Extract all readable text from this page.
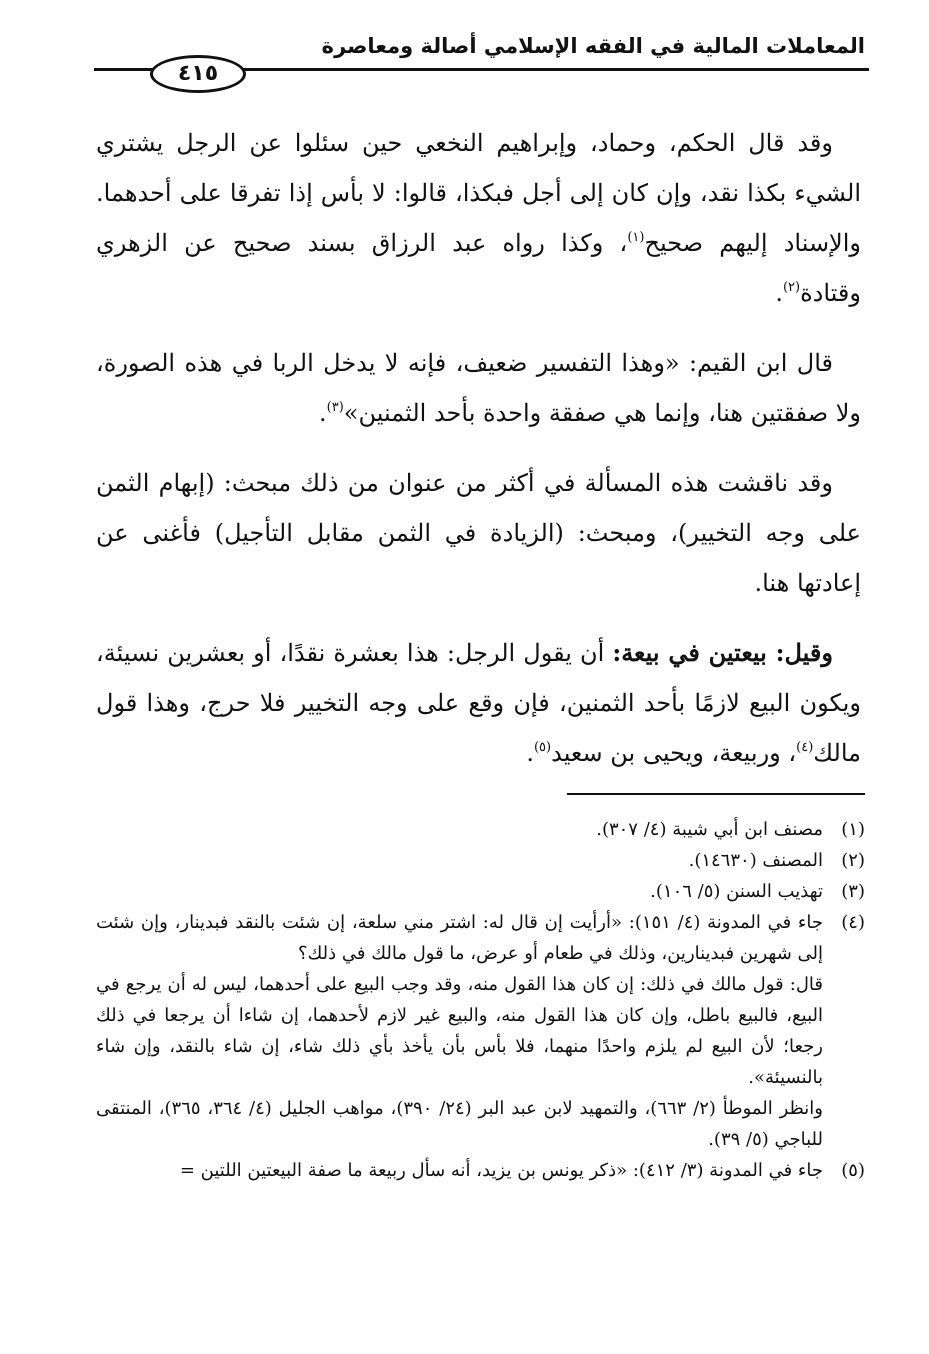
المعاملات المالية في الفقه الإسلامي أصالة ومعاصرة
٤١٥

وقد قال الحكم، وحماد، وإبراهيم النخعي حين سئلوا عن الرجل يشتري الشيء بكذا نقد، وإن كان إلى أجل فبكذا، قالوا: لا بأس إذا تفرقا على أحدهما. والإسناد إليهم صحيح$^{(١)}$، وكذا رواه عبد الرزاق بسند صحيح عن الزهري وقتادة$^{(٢)}$.

قال ابن القيم: «وهذا التفسير ضعيف، فإنه لا يدخل الربا في هذه الصورة، ولا صفقتين هنا، وإنما هي صفقة واحدة بأحد الثمنين»$^{(٣)}$.

وقد ناقشت هذه المسألة في أكثر من عنوان من ذلك مبحث: (إبهام الثمن على وجه التخيير)، ومبحث: (الزيادة في الثمن مقابل التأجيل) فأغنى عن إعادتها هنا.

وقيل: بيعتين في بيعة: أن يقول الرجل: هذا بعشرة نقدًا، أو بعشرين نسيئة، ويكون البيع لازمًا بأحد الثمنين، فإن وقع على وجه التخيير فلا حرج، وهذا قول مالك$^{(٤)}$، وربيعة، ويحيى بن سعيد$^{(٥)}$.

(١)
مصنف ابن أبي شيبة (٤/ ٣٠٧).
(٢)
المصنف (١٤٦٣٠).
(٣)
تهذيب السنن (٥/ ١٠٦).
(٤)
جاء في المدونة (٤/ ١٥١): «أرأيت إن قال له: اشتر مني سلعة، إن شئت بالنقد فبدينار، وإن شئت إلى شهرين فبدينارين، وذلك في طعام أو عرض، ما قول مالك في ذلك؟
قال: قول مالك في ذلك: إن كان هذا القول منه، وقد وجب البيع على أحدهما، ليس له أن يرجع في البيع، فالبيع باطل، وإن كان هذا القول منه، والبيع غير لازم لأحدهما، إن شاءا أن يرجعا في ذلك رجعا؛ لأن البيع لم يلزم واحدًا منهما، فلا بأس بأن يأخذ بأي ذلك شاء، إن شاء بالنقد، وإن شاء بالنسيئة».
وانظر الموطأ (٢/ ٦٦٣)، والتمهيد لابن عبد البر (٢٤/ ٣٩٠)، مواهب الجليل (٤/ ٣٦٤، ٣٦٥)، المنتقى للباجي (٥/ ٣٩).
(٥)
جاء في المدونة (٣/ ٤١٢): «ذكر يونس بن يزيد، أنه سأل ربيعة ما صفة البيعتين اللتين =
